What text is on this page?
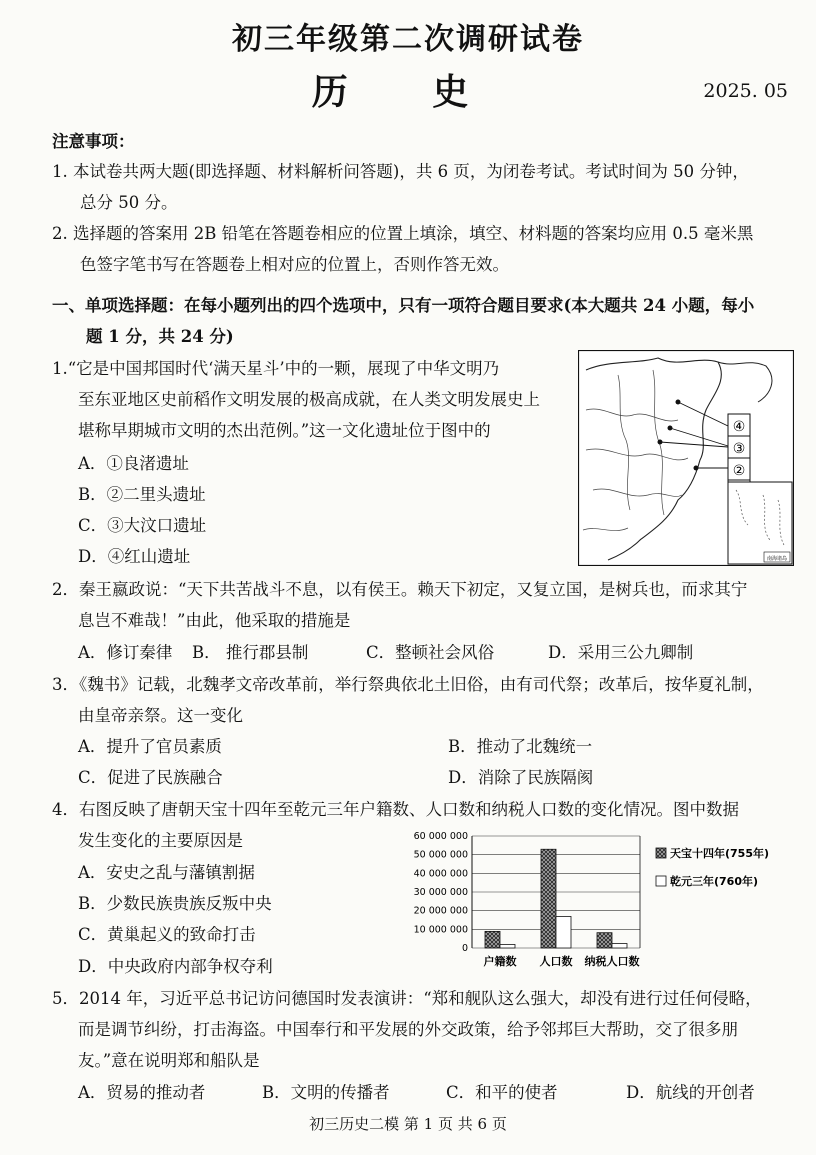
初三年级第二次调研试卷
历 史	2025. 05
注意事项：
1. 本试卷共两大题(即选择题、材料解析问答题)，共 6 页，为闭卷考试。考试时间为 50 分钟，
总分 50 分。
2. 选择题的答案用 2B 铅笔在答题卷相应的位置上填涂，填空、材料题的答案均应用 0.5 毫米黑
色签字笔书写在答题卷上相对应的位置上，否则作答无效。
一、单项选择题：在每小题列出的四个选项中，只有一项符合题目要求(本大题共 24 小题，每小
题 1 分，共 24 分)
1.“它是中国邦国时代‘满天星斗’中的一颗，展现了中华文明乃
至东亚地区史前稻作文明发展的极高成就，在人类文明发展史上
堪称早期城市文明的杰出范例。”这一文化遗址位于图中的
A．①良渚遗址
B．②二里头遗址
C．③大汶口遗址
D．④红山遗址
④
③
②
南海诸岛
2．秦王嬴政说：“天下共苦战斗不息，以有侯王。赖天下初定，又复立国，是树兵也，而求其宁
息岂不难哉！”由此，他采取的措施是
A．修订秦律 B． 推行郡县制	C．整顿社会风俗	D．采用三公九卿制
3．《魏书》记载，北魏孝文帝改革前，举行祭典依北土旧俗，由有司代祭；改革后，按华夏礼制，
由皇帝亲祭。这一变化
A．提升了官员素质	B．推动了北魏统一
C．促进了民族融合	D．消除了民族隔阂
4．右图反映了唐朝天宝十四年至乾元三年户籍数、人口数和纳税人口数的变化情况。图中数据
发生变化的主要原因是
A．安史之乱与藩镇割据
B．少数民族贵族反叛中央
C．黄巢起义的致命打击
D．中央政府内部争权夺利
60 000 000
50 000 000
40 000 000
30 000 000
20 000 000
10 000 000
0
户籍数 人口数 纳税人口数
天宝十四年(755年)
乾元三年(760年)
5．2014 年，习近平总书记访问德国时发表演讲：“郑和舰队这么强大，却没有进行过任何侵略，
而是调节纠纷，打击海盗。中国奉行和平发展的外交政策，给予邻邦巨大帮助，交了很多朋
友。”意在说明郑和船队是
A．贸易的推动者	B．文明的传播者	C．和平的使者	D．航线的开创者
初三历史二模 第 1 页 共 6 页
